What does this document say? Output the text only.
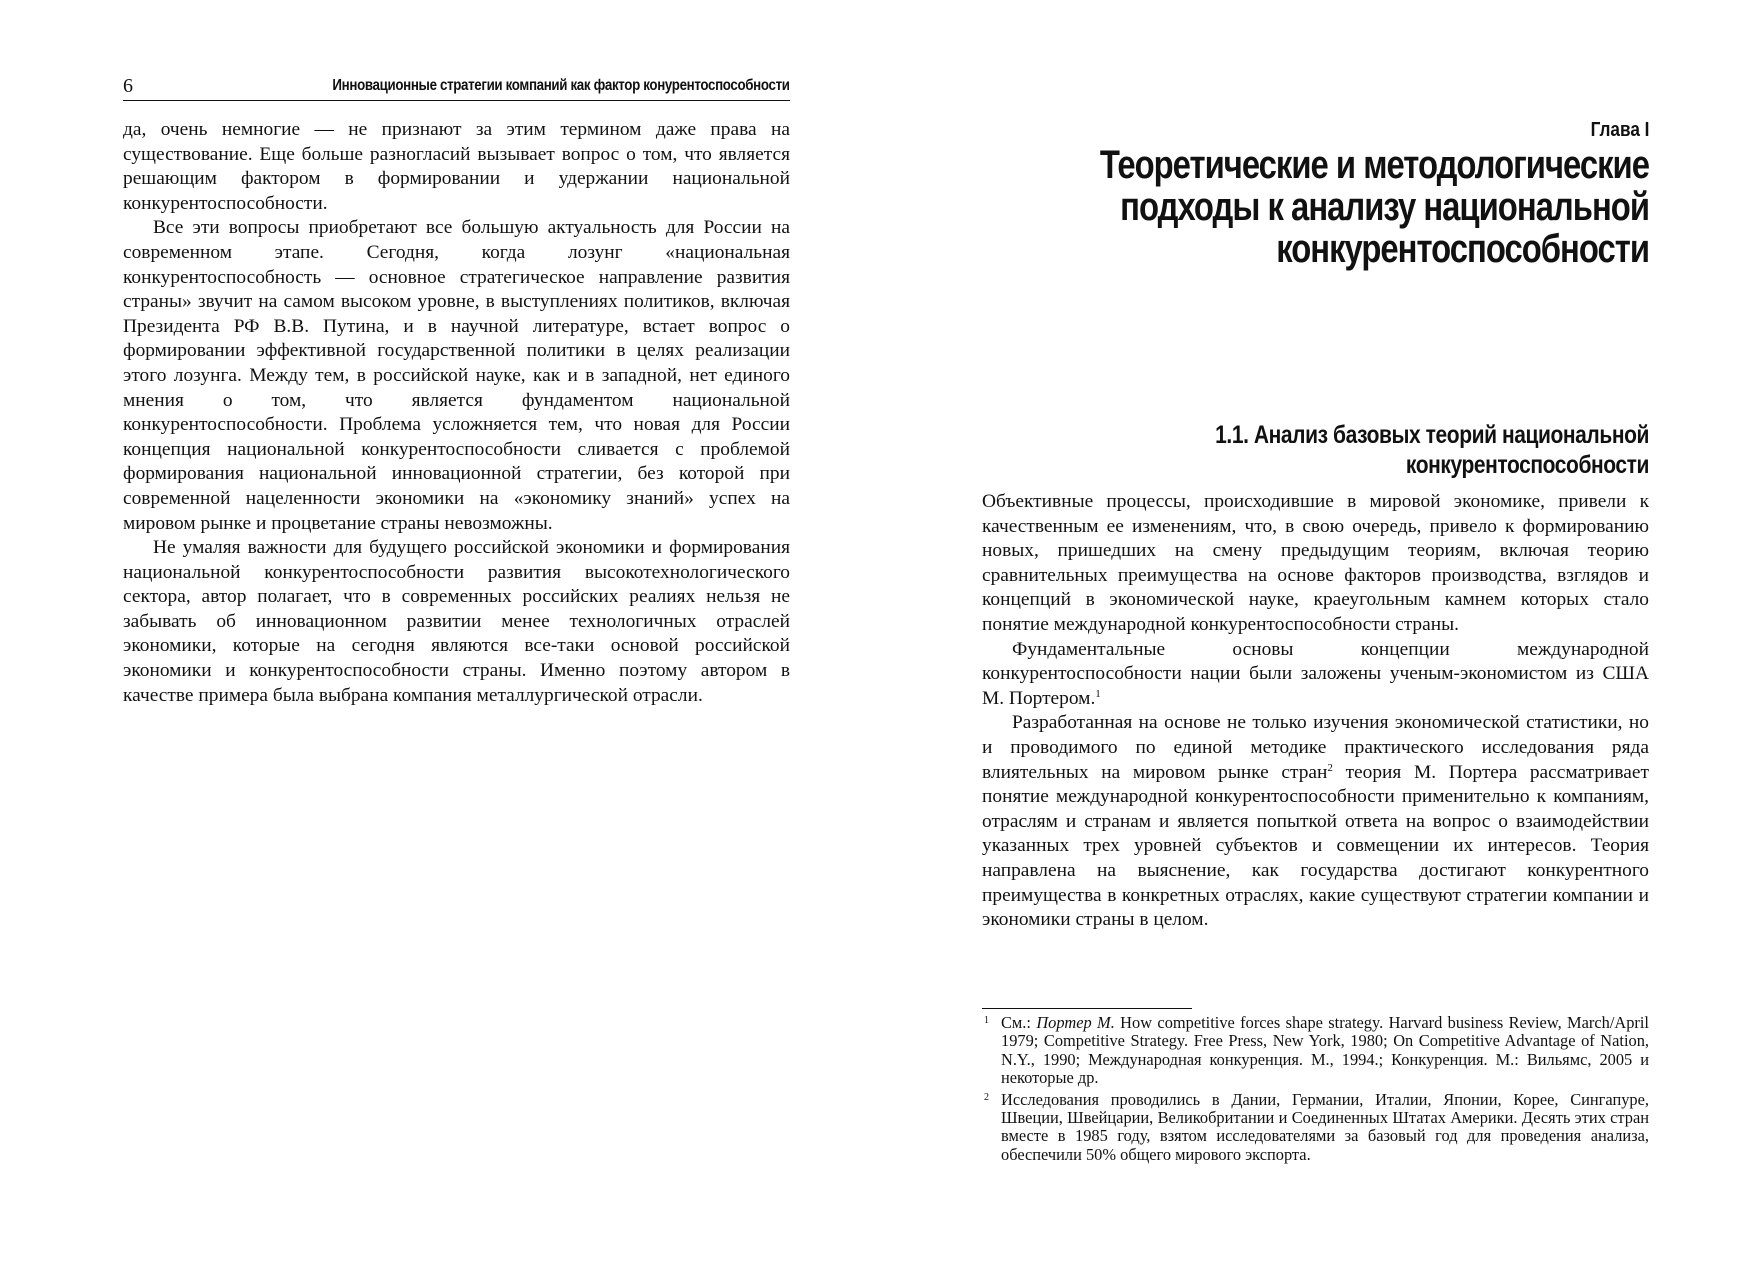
6	Инновационные стратегии компаний как фактор конурентоспособности

да, очень немногие — не признают за этим термином даже права на существование. Еще больше разногласий вызывает вопрос о том, что является решающим фактором в формировании и удержании национальной конкурентоспособности.

Все эти вопросы приобретают все большую актуальность для России на современном этапе. Сегодня, когда лозунг «национальная конкурентоспособность — основное стратегическое направление развития страны» звучит на самом высоком уровне, в выступлениях политиков, включая Президента РФ В.В. Путина, и в научной литературе, встает вопрос о формировании эффективной государственной политики в целях реализации этого лозунга. Между тем, в российской науке, как и в западной, нет единого мнения о том, что является фундаментом национальной конкурентоспособности. Проблема усложняется тем, что новая для России концепция национальной конкурентоспособности сливается с проблемой формирования национальной инновационной стратегии, без которой при современной нацеленности экономики на «экономику знаний» успех на мировом рынке и процветание страны невозможны.

Не умаляя важности для будущего российской экономики и формирования национальной конкурентоспособности развития высокотехнологического сектора, автор полагает, что в современных российских реалиях нельзя не забывать об инновационном развитии менее технологичных отраслей экономики, которые на сегодня являются все-таки основой российской экономики и конкурентоспособности страны. Именно поэтому автором в качестве примера была выбрана компания металлургической отрасли.

Глава I
Теоретические и методологические
подходы к анализу национальной
конкурентоспособности
1.1. Анализ базовых теорий национальной
конкурентоспособности

Объективные процессы, происходившие в мировой экономике, привели к качественным ее изменениям, что, в свою очередь, привело к формированию новых, пришедших на смену предыдущим теориям, включая теорию сравнительных преимущества на основе факторов производства, взглядов и концепций в экономической науке, краеугольным камнем которых стало понятие международной конкурентоспособности страны.

Фундаментальные основы концепции международной конкурентоспособности нации были заложены ученым-экономистом из США М. Портером.$^1$

Разработанная на основе не только изучения экономической статистики, но и проводимого по единой методике практического исследования ряда влиятельных на мировом рынке стран$^2$ теория М. Портера рассматривает понятие международной конкурентоспособности применительно к компаниям, отраслям и странам и является попыткой ответа на вопрос о взаимодействии указанных трех уровней субъектов и совмещении их интересов. Теория направлена на выяснение, как государства достигают конкурентного преимущества в конкретных отраслях, какие существуют стратегии компании и экономики страны в целом.

1 См.: Портер М. How competitive forces shape strategy. Harvard business Review, March/April 1979; Competitive Strategy. Free Press, New York, 1980; On Competitive Advantage of Nation, N.Y., 1990; Международная конкуренция. М., 1994.; Конкуренция. М.: Вильямс, 2005 и некоторые др.
2 Исследования проводились в Дании, Германии, Италии, Японии, Корее, Сингапуре, Швеции, Швейцарии, Великобритании и Соединенных Штатах Америки. Десять этих стран вместе в 1985 году, взятом исследователями за базовый год для проведения анализа, обеспечили 50% общего мирового экспорта.
